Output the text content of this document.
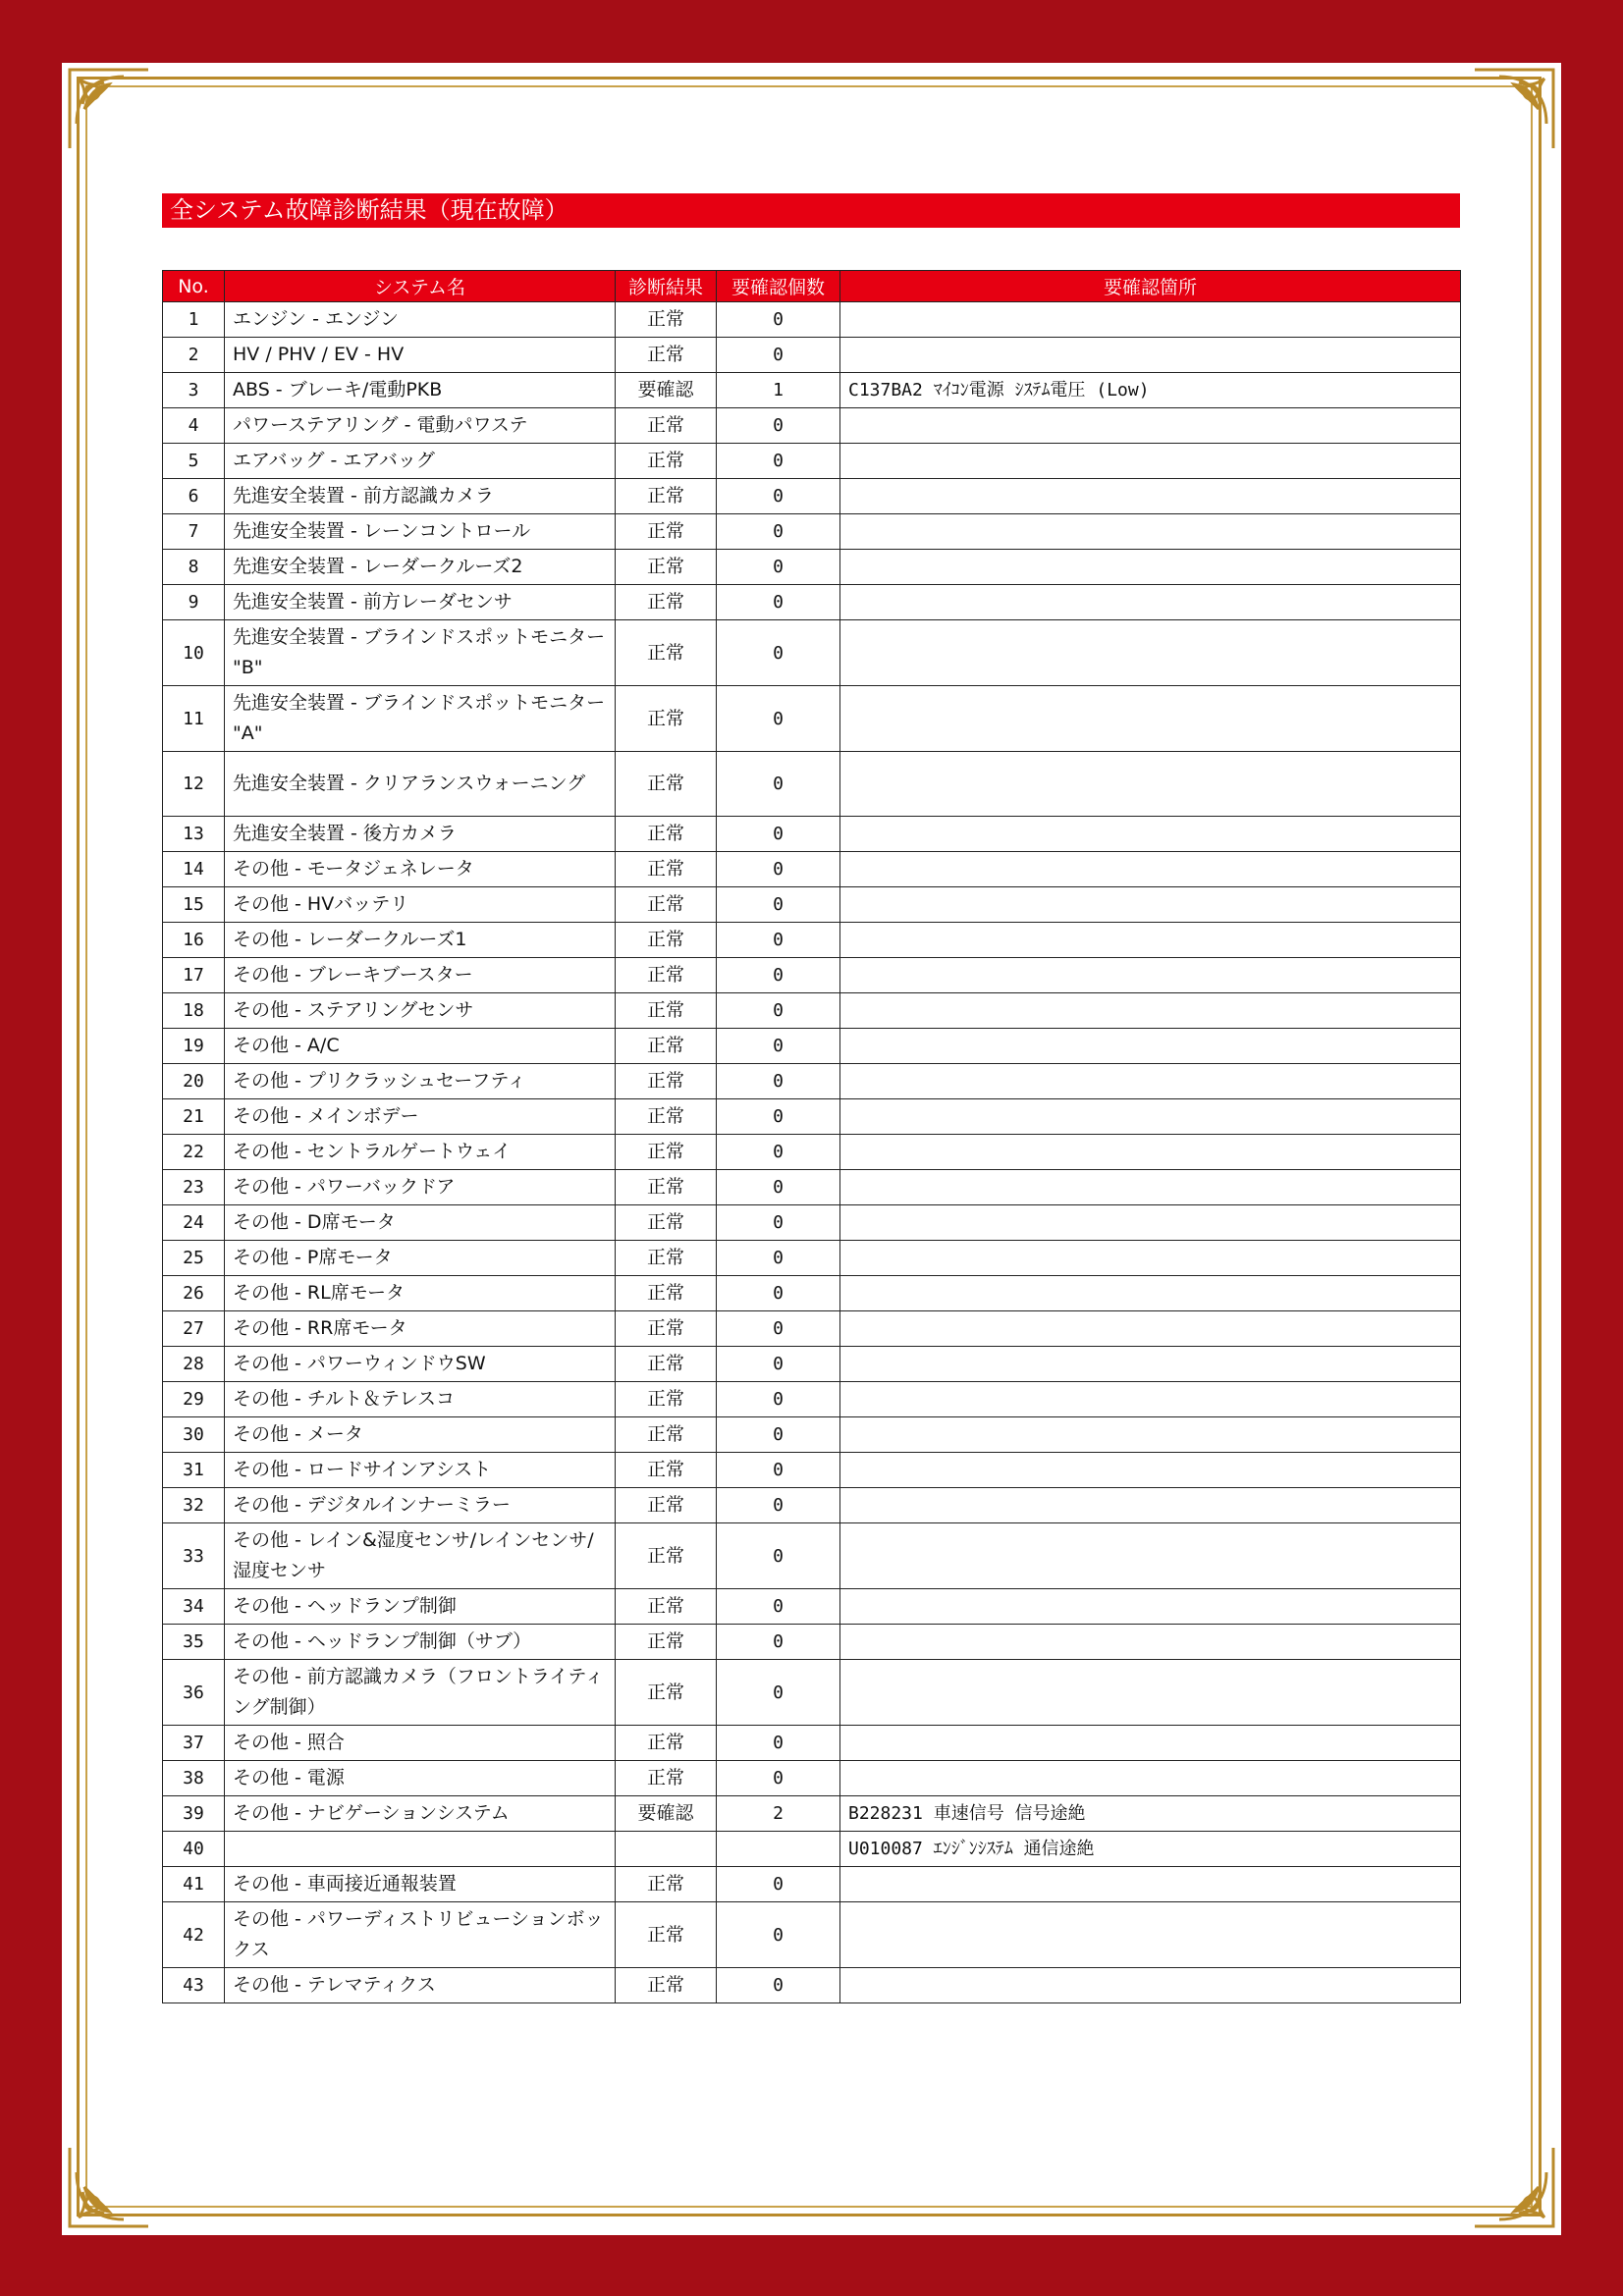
全システム故障診断結果（現在故障）
No.	システム名	診断結果	要確認個数	要確認箇所
1	エンジン - エンジン	正常	0	
2	HV / PHV / EV - HV	正常	0	
3	ABS - ブレーキ/電動PKB	要確認	1	C137BA2 ﾏｲｺﾝ電源 ｼｽﾃﾑ電圧 (Low)
4	パワーステアリング - 電動パワステ	正常	0	
5	エアバッグ - エアバッグ	正常	0	
6	先進安全装置 - 前方認識カメラ	正常	0	
7	先進安全装置 - レーンコントロール	正常	0	
8	先進安全装置 - レーダークルーズ2	正常	0	
9	先進安全装置 - 前方レーダセンサ	正常	0	
10	先進安全装置 - ブラインドスポットモニター "B"	正常	0	
11	先進安全装置 - ブラインドスポットモニター "A"	正常	0	
12	先進安全装置 - クリアランスウォーニング	正常	0	
13	先進安全装置 - 後方カメラ	正常	0	
14	その他 - モータジェネレータ	正常	0	
15	その他 - HVバッテリ	正常	0	
16	その他 - レーダークルーズ1	正常	0	
17	その他 - ブレーキブースター	正常	0	
18	その他 - ステアリングセンサ	正常	0	
19	その他 - A/C	正常	0	
20	その他 - プリクラッシュセーフティ	正常	0	
21	その他 - メインボデー	正常	0	
22	その他 - セントラルゲートウェイ	正常	0	
23	その他 - パワーバックドア	正常	0	
24	その他 - D席モータ	正常	0	
25	その他 - P席モータ	正常	0	
26	その他 - RL席モータ	正常	0	
27	その他 - RR席モータ	正常	0	
28	その他 - パワーウィンドウSW	正常	0	
29	その他 - チルト＆テレスコ	正常	0	
30	その他 - メータ	正常	0	
31	その他 - ロードサインアシスト	正常	0	
32	その他 - デジタルインナーミラー	正常	0	
33	その他 - レイン&湿度センサ/レインセンサ/湿度センサ	正常	0	
34	その他 - ヘッドランプ制御	正常	0	
35	その他 - ヘッドランプ制御（サブ）	正常	0	
36	その他 - 前方認識カメラ（フロントライティング制御）	正常	0	
37	その他 - 照合	正常	0	
38	その他 - 電源	正常	0	
39	その他 - ナビゲーションシステム	要確認	2	B228231 車速信号 信号途絶
40				U010087 ｴﾝｼﾞﾝｼｽﾃﾑ 通信途絶
41	その他 - 車両接近通報装置	正常	0	
42	その他 - パワーディストリビューションボックス	正常	0	
43	その他 - テレマティクス	正常	0	
